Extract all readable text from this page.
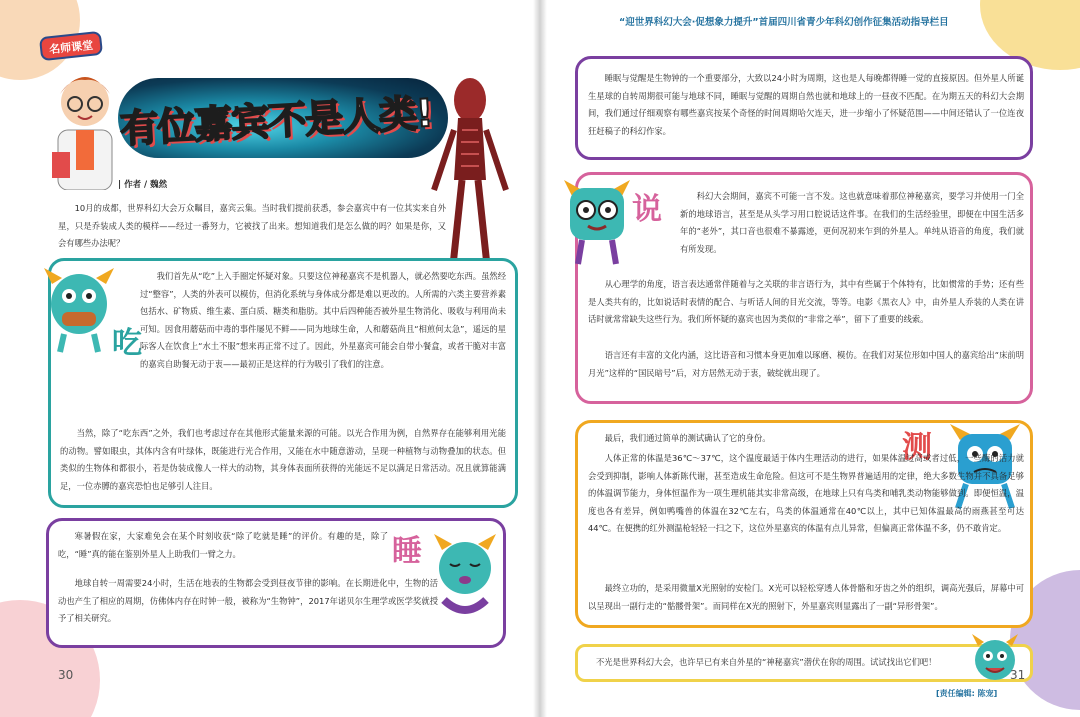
名师课堂
有位嘉宾不是人类!
| 作者 / 魏然

10月的成都，世界科幻大会万众瞩目，嘉宾云集。当时我们提前获悉，参会嘉宾中有一位其实来自外星，只是乔装成人类的模样——经过一番努力，它被找了出来。想知道我们是怎么做的吗？如果是你，又会有哪些办法呢？

吃

我们首先从“吃”上入手圈定怀疑对象。只要这位神秘嘉宾不是机器人，就必然要吃东西。虽然经过“整容”，人类的外表可以模仿，但消化系统与身体成分都是难以更改的。人所需的六类主要营养素包括水、矿物质、维生素、蛋白质、糖类和脂肪。其中后四种能否被外星生物消化、吸收与利用尚未可知。因食用蘑菇而中毒的事件屡见不鲜——同为地球生命，人和蘑菇尚且“相煎何太急”，遥远的星际客人在饮食上“水土不服”想来再正常不过了。因此，外星嘉宾可能会自带小餐盒，或者干脆对丰富的嘉宾自助餐无动于衷——最初正是这样的行为吸引了我们的注意。

当然，除了“吃东西”之外，我们也考虑过存在其他形式能量来源的可能。以光合作用为例，自然界存在能够利用光能的动物。譬如眼虫，其体内含有叶绿体，既能进行光合作用，又能在水中随意游动，呈现一种植物与动物叠加的状态。但类似的生物体和都很小，若是伪装成像人一样大的动物，其身体表面所获得的光能远不足以满足日常活动。况且就算能满足，一位赤膊的嘉宾恐怕也足够引人注目。

寒暑假在家，大家难免会在某个时刻收获“除了吃就是睡”的评价。有趣的是，除了吃，“睡”真的能在鉴别外星人上助我们一臂之力。	睡

地球自转一周需要24小时，生活在地表的生物都会受到昼夜节律的影响。在长期进化中，生物的活动也产生了相应的周期，仿佛体内存在时钟一般，被称为“生物钟”，2017年诺贝尔生理学或医学奖就授予了相关研究。

30
“迎世界科幻大会·促想象力提升”首届四川省青少年科幻创作征集活动指导栏目

睡眠与觉醒是生物钟的一个重要部分，大致以24小时为周期，这也是人每晚都得睡一觉的直接原因。但外星人所诞生星球的自转周期很可能与地球不同，睡眠与觉醒的周期自然也就和地球上的一昼夜不匹配。在为期五天的科幻大会期间，我们通过仔细观察有哪些嘉宾按某个奇怪的时间周期哈欠连天，进一步缩小了怀疑范围——中间还错认了一位连夜狂赶稿子的科幻作家。

说	科幻大会期间，嘉宾不可能一言不发。这也就意味着那位神秘嘉宾，要学习并使用一门全新的地球语言，甚至是从头学习用口腔说话这件事。在我们的生活经验里，即便在中国生活多年的“老外”，其口音也很难不暴露迹，更何况初来乍到的外星人。单纯从语音的角度，我们就有所发现。

从心理学的角度，语言表达通常伴随着与之关联的非言语行为，其中有些属于个体特有，比如惯常的手势；还有些是人类共有的，比如说话时表情的配合、与听话人间的目光交流，等等。电影《黑衣人》中，由外星人乔装的人类在讲话时就常常缺失这些行为。我们所怀疑的嘉宾也因为类似的“非常之举”，留下了重要的线索。

语言还有丰富的文化内涵，这比语音和习惯本身更加难以琢磨、模仿。在我们对某位形如中国人的嘉宾给出“床前明月光”这样的“国民暗号”后，对方居然无动于衷，破绽就出现了。

测

最后，我们通过简单的测试确认了它的身份。

人体正常的体温是36℃～37℃，这个温度最适于体内生理活动的进行，如果体温过高或者过低，一些酶的活力就会受到抑制，影响人体新陈代谢，甚至造成生命危险。但这可不是生物界普遍适用的定律，绝大多数生物并不具备足够的体温调节能力，身体恒温作为一项生理机能其实非常高级，在地球上只有鸟类和哺乳类动物能够做到。即便恒温，温度也各有差异，例如鸭嘴兽的体温在32℃左右，鸟类的体温通常在40℃以上，其中已知体温最高的雨燕甚至可达44℃。在便携的红外测温枪轻轻一扫之下，这位外星嘉宾的体温有点儿异常，但偏离正常体温不多，仍不敢肯定。

最终立功的，是采用微量X光照射的安检门。X光可以轻松穿透人体骨骼和牙齿之外的组织，调高光强后，屏幕中可以呈现出一副行走的“骷髅骨架”。而同样在X光的照射下，外星嘉宾则显露出了一副“异形骨架”。

不光是世界科幻大会，也许早已有来自外星的“神秘嘉宾”潜伏在你的周围。试试找出它们吧！

31
[责任编辑: 陈宠]
